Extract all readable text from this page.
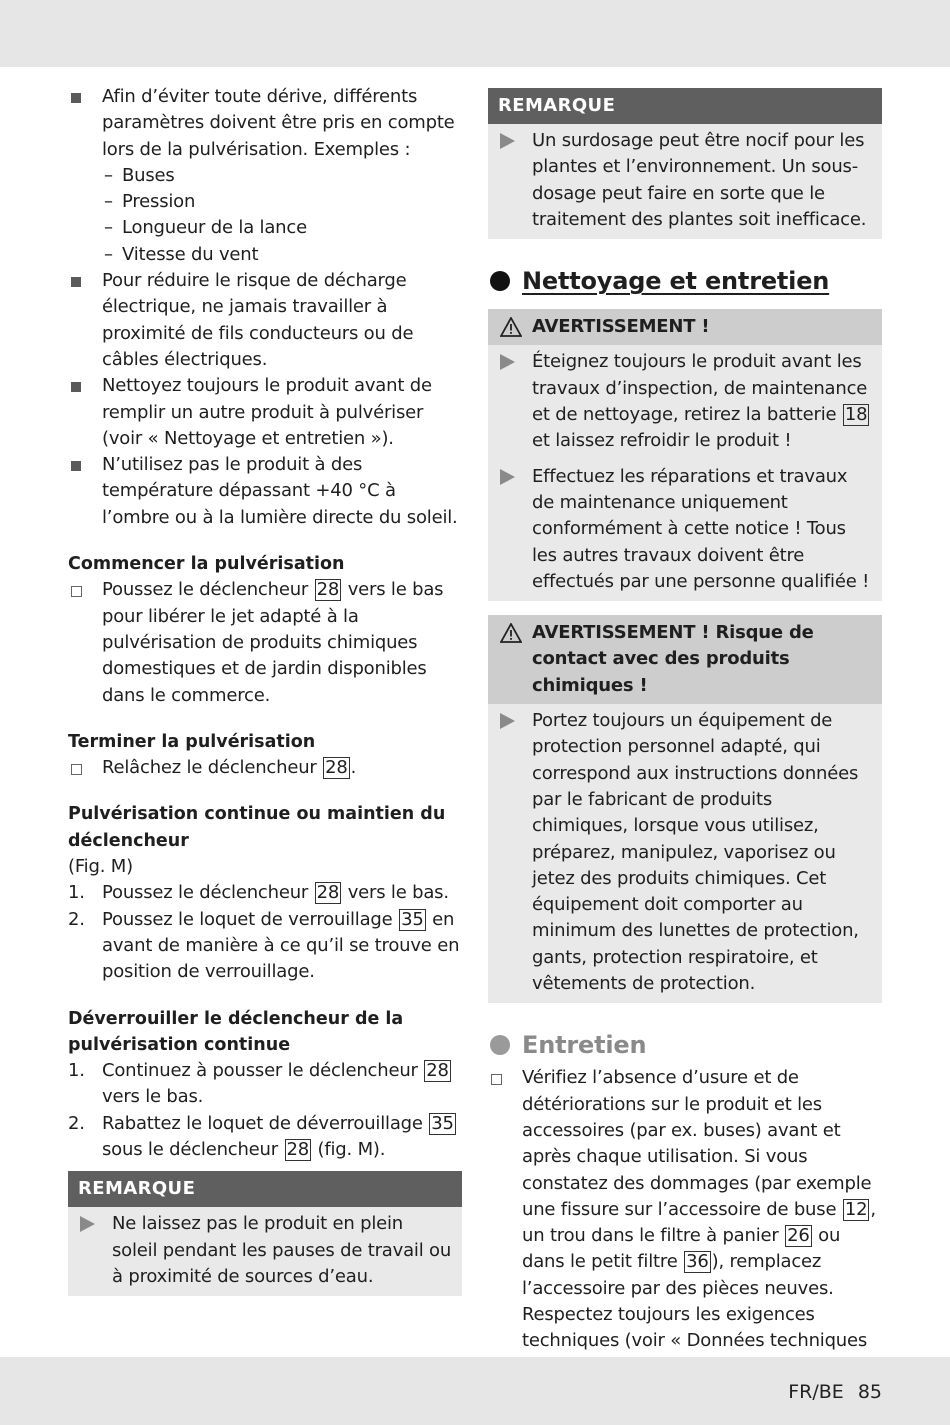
Afin d’éviter toute dérive, différents paramètres doivent être pris en compte lors de la pulvérisation. Exemples :
– Buses
– Pression
– Longueur de la lance
– Vitesse du vent
Pour réduire le risque de décharge électrique, ne jamais travailler à proximité de fils conducteurs ou de câbles électriques.
Nettoyez toujours le produit avant de remplir un autre produit à pulvériser (voir « Nettoyage et entretien »).
N’utilisez pas le produit à des température dépassant +40 °C à l’ombre ou à la lumière directe du soleil.
Commencer la pulvérisation
Poussez le déclencheur 28 vers le bas pour libérer le jet adapté à la pulvérisation de produits chimiques domestiques et de jardin disponibles dans le commerce.
Terminer la pulvérisation
Relâchez le déclencheur 28 .
Pulvérisation continue ou maintien du déclencheur
(Fig. M)
1. Poussez le déclencheur 28 vers le bas.
2. Poussez le loquet de verrouillage 35 en avant de manière à ce qu’il se trouve en position de verrouillage.
Déverrouiller le déclencheur de la pulvérisation continue
1. Continuez à pousser le déclencheur 28 vers le bas.
2. Rabattez le loquet de déverrouillage 35 sous le déclencheur 28 (fig. M).
REMARQUE
Ne laissez pas le produit en plein soleil pendant les pauses de travail ou à proximité de sources d’eau.
REMARQUE
Un surdosage peut être nocif pour les plantes et l’environnement. Un sous-dosage peut faire en sorte que le traitement des plantes soit inefficace.
Nettoyage et entretien
AVERTISSEMENT !
Éteignez toujours le produit avant les travaux d’inspection, de maintenance et de nettoyage, retirez la batterie 18 et laissez refroidir le produit !
Effectuez les réparations et travaux de maintenance uniquement conformément à cette notice ! Tous les autres travaux doivent être effectués par une personne qualifiée !
AVERTISSEMENT ! Risque de contact avec des produits chimiques !
Portez toujours un équipement de protection personnel adapté, qui correspond aux instructions données par le fabricant de produits chimiques, lorsque vous utilisez, préparez, manipulez, vaporisez ou jetez des produits chimiques. Cet équipement doit comporter au minimum des lunettes de protection, gants, protection respiratoire, et vêtements de protection.
Entretien
Vérifiez l’absence d’usure et de détériorations sur le produit et les accessoires (par ex. buses) avant et après chaque utilisation. Si vous constatez des dommages (par exemple une fissure sur l’accessoire de buse 12 , un trou dans le filtre à panier 26 ou dans le petit filtre 36 ), remplacez l’accessoire par des pièces neuves.
Respectez toujours les exigences techniques (voir « Données techniques
FR/BE 85
